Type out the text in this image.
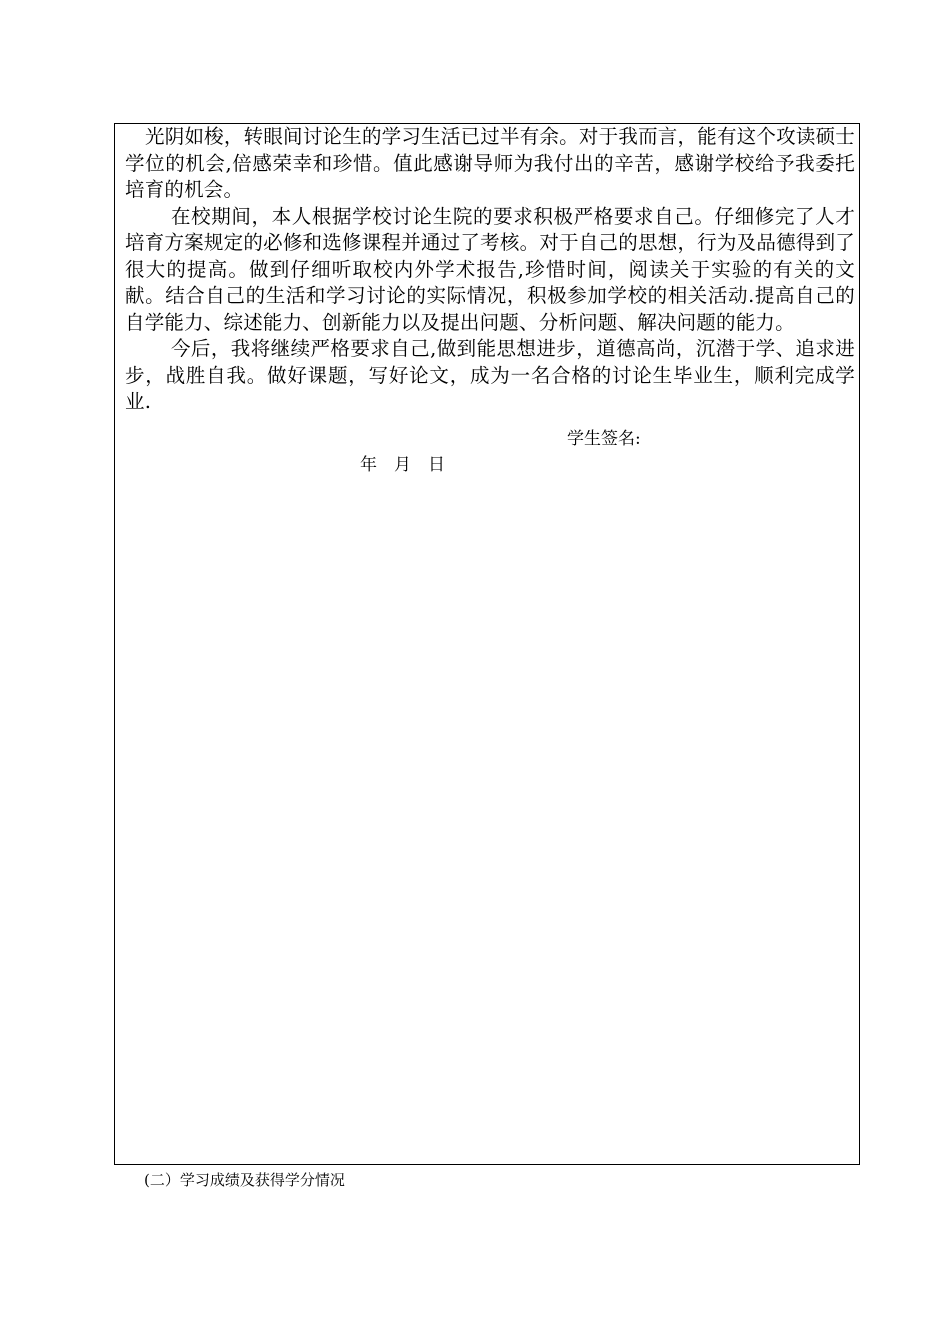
光阴如梭，转眼间讨论生的学习生活已过半有余。对于我而言，能有这个攻读硕士学位的机会,倍感荣幸和珍惜。值此感谢导师为我付出的辛苦，感谢学校给予我委托培育的机会。

在校期间，本人根据学校讨论生院的要求积极严格要求自己。仔细修完了人才培育方案规定的必修和选修课程并通过了考核。对于自己的思想，行为及品德得到了很大的提高。做到仔细听取校内外学术报告,珍惜时间，阅读关于实验的有关的文献。结合自己的生活和学习讨论的实际情况，积极参加学校的相关活动.提高自己的自学能力、综述能力、创新能力以及提出问题、分析问题、解决问题的能力。

今后，我将继续严格要求自己,做到能思想进步，道德高尚，沉潜于学、追求进步，战胜自我。做好课题，写好论文，成为一名合格的讨论生毕业生，顺利完成学业.

学生签名:
年　月　日
(二）学习成绩及获得学分情况
